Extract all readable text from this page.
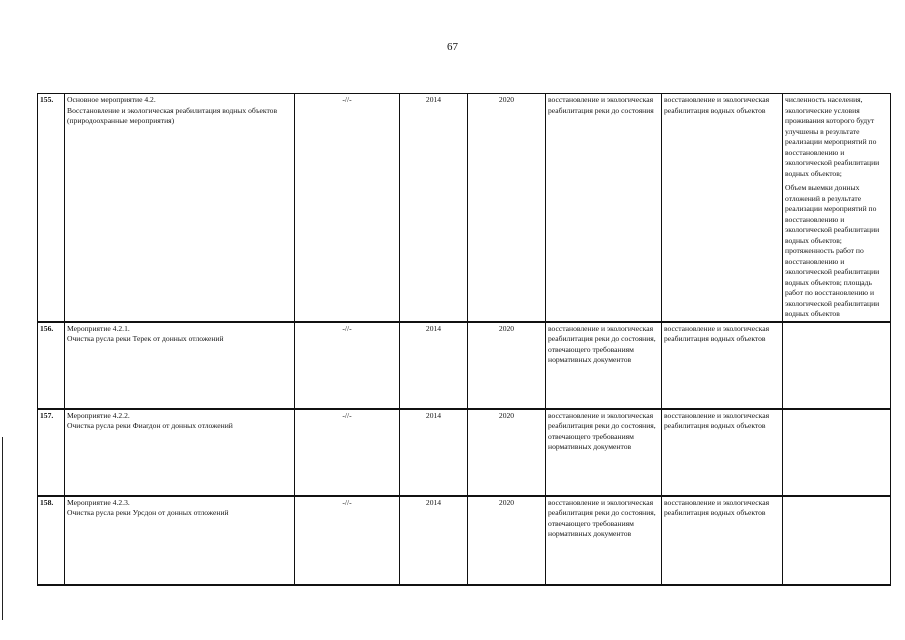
67
155.	Основное мероприятие 4.2.
Восстановление и экологическая реабилитация водных объектов (природоохранные мероприятия)	-//-	2014	2020	восстановление и экологическая реабилитация реки до состояния	восстановление и экологическая реабилитация водных объектов	численность населения, экологические условия проживания которого будут улучшены в результате реализации мероприятий по восстановлению и экологической реабилитации водных объектов;
Объем выемки донных отложений в результате реализации мероприятий по восстановлению и экологической реабилитации водных объектов; протяженность работ по восстановлению и экологической реабилитации водных объектов; площадь работ по восстановлению и экологической реабилитации водных объектов

156.	Мероприятие 4.2.1.
Очистка русла реки Терек от донных отложений	-//-	2014	2020	восстановление и экологическая реабилитация реки до состояния, отвечающего требованиям нормативных документов	восстановление и экологическая реабилитация водных объектов	
157.	Мероприятие 4.2.2.
Очистка русла реки Фиагдон от донных отложений	-//-	2014	2020	восстановление и экологическая реабилитация реки до состояния, отвечающего требованиям нормативных документов	восстановление и экологическая реабилитация водных объектов	
158.	Мероприятие 4.2.3.
Очистка русла реки Урсдон от донных отложений	-//-	2014	2020	восстановление и экологическая реабилитация реки до состояния, отвечающего требованиям нормативных документов	восстановление и экологическая реабилитация водных объектов	
